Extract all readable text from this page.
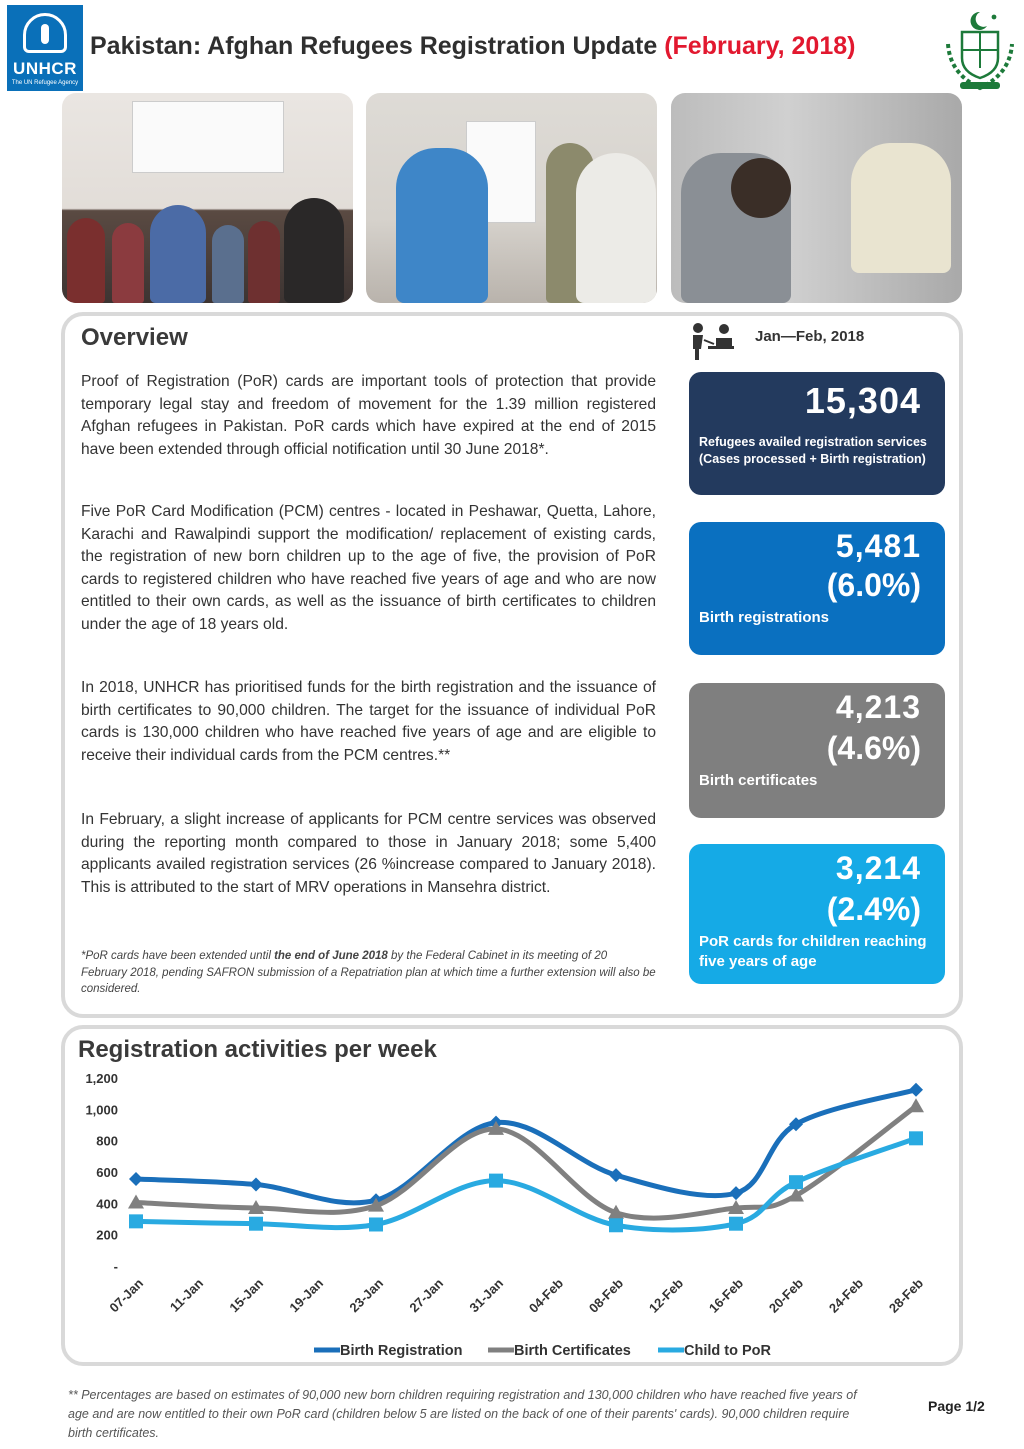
UNHCR
The UN Refugee Agency
Pakistan: Afghan Refugees Registration Update (February, 2018)
Overview	Jan—Feb, 2018

Proof of Registration (PoR) cards are important tools of protection that provide temporary legal stay and freedom of movement for the 1.39 million registered Afghan refugees in Pakistan. PoR cards which have expired at the end of 2015 have been extended through official notification until 30 June 2018*.

Five PoR Card Modification (PCM) centres - located in Peshawar, Quetta, Lahore, Karachi and Rawalpindi support the modification/ replacement of existing cards, the registration of new born children up to the age of five, the provision of PoR cards to registered children who have reached five years of age and who are now entitled to their own cards, as well as the issuance of birth certificates to children under the age of 18 years old.

In 2018, UNHCR has prioritised funds for the birth registration and the issuance of birth certificates to 90,000 children. The target for the issuance of individual PoR cards is 130,000 children who have reached five years of age and are eligible to receive their individual cards from the PCM centres.**

In February, a slight increase of applicants for PCM centre services was observed during the reporting month compared to those in January 2018; some 5,400 applicants availed registration services (26 %increase compared to January 2018). This is attributed to the start of MRV operations in Mansehra district.

*PoR cards have been extended until the end of June 2018 by the Federal Cabinet in its meeting of 20 February 2018, pending SAFRON submission of a Repatriation plan at which time a further extension will also be considered.

15,304
Refugees availed registration services (Cases processed + Birth registration)
5,481
(6.0%)
Birth registrations
4,213
(4.6%)
Birth certificates
3,214
(2.4%)
PoR cards for children reaching five years of age
Registration activities per week
-
200
400
600
800
1,000
1,200
07-Jan 11-Jan 15-Jan 19-Jan 23-Jan 27-Jan 31-Jan 04-Feb 08-Feb 12-Feb 16-Feb 20-Feb 24-Feb 28-Feb
Birth Registration	Birth Certificates	Child to PoR

** Percentages are based on estimates of 90,000 new born children requiring registration and 130,000 children who have reached five years of age and are now entitled to their own PoR card (children below 5 are listed on the back of one of their parents' cards). 90,000 children require birth certificates.

Page 1/2
